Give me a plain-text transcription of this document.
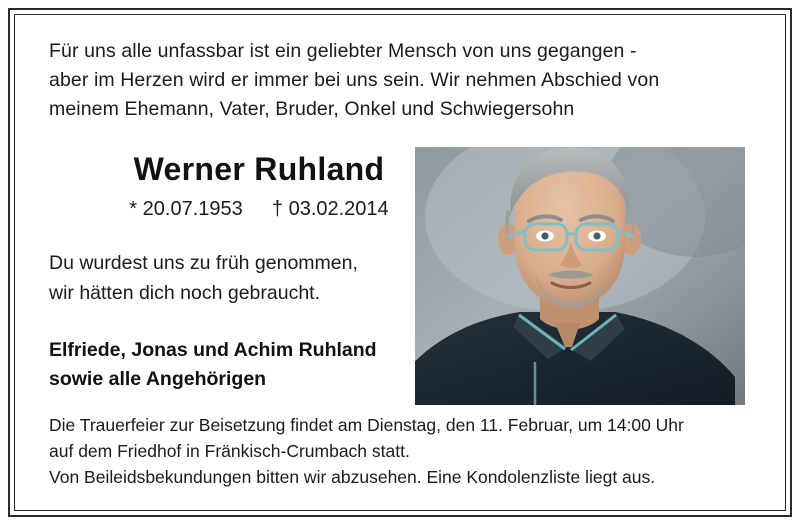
Für uns alle unfassbar ist ein geliebter Mensch von uns gegangen -
aber im Herzen wird er immer bei uns sein. Wir nehmen Abschied von
meinem Ehemann, Vater, Bruder, Onkel und Schwiegersohn
Werner Ruhland
* 20.07.1953 † 03.02.2014
Du wurdest uns zu früh genommen,
wir hätten dich noch gebraucht.
Elfriede, Jonas und Achim Ruhland
sowie alle Angehörigen
Die Trauerfeier zur Beisetzung findet am Dienstag, den 11. Februar, um 14:00 Uhr
auf dem Friedhof in Fränkisch-Crumbach statt.
Von Beileidsbekundungen bitten wir abzusehen. Eine Kondolenzliste liegt aus.
